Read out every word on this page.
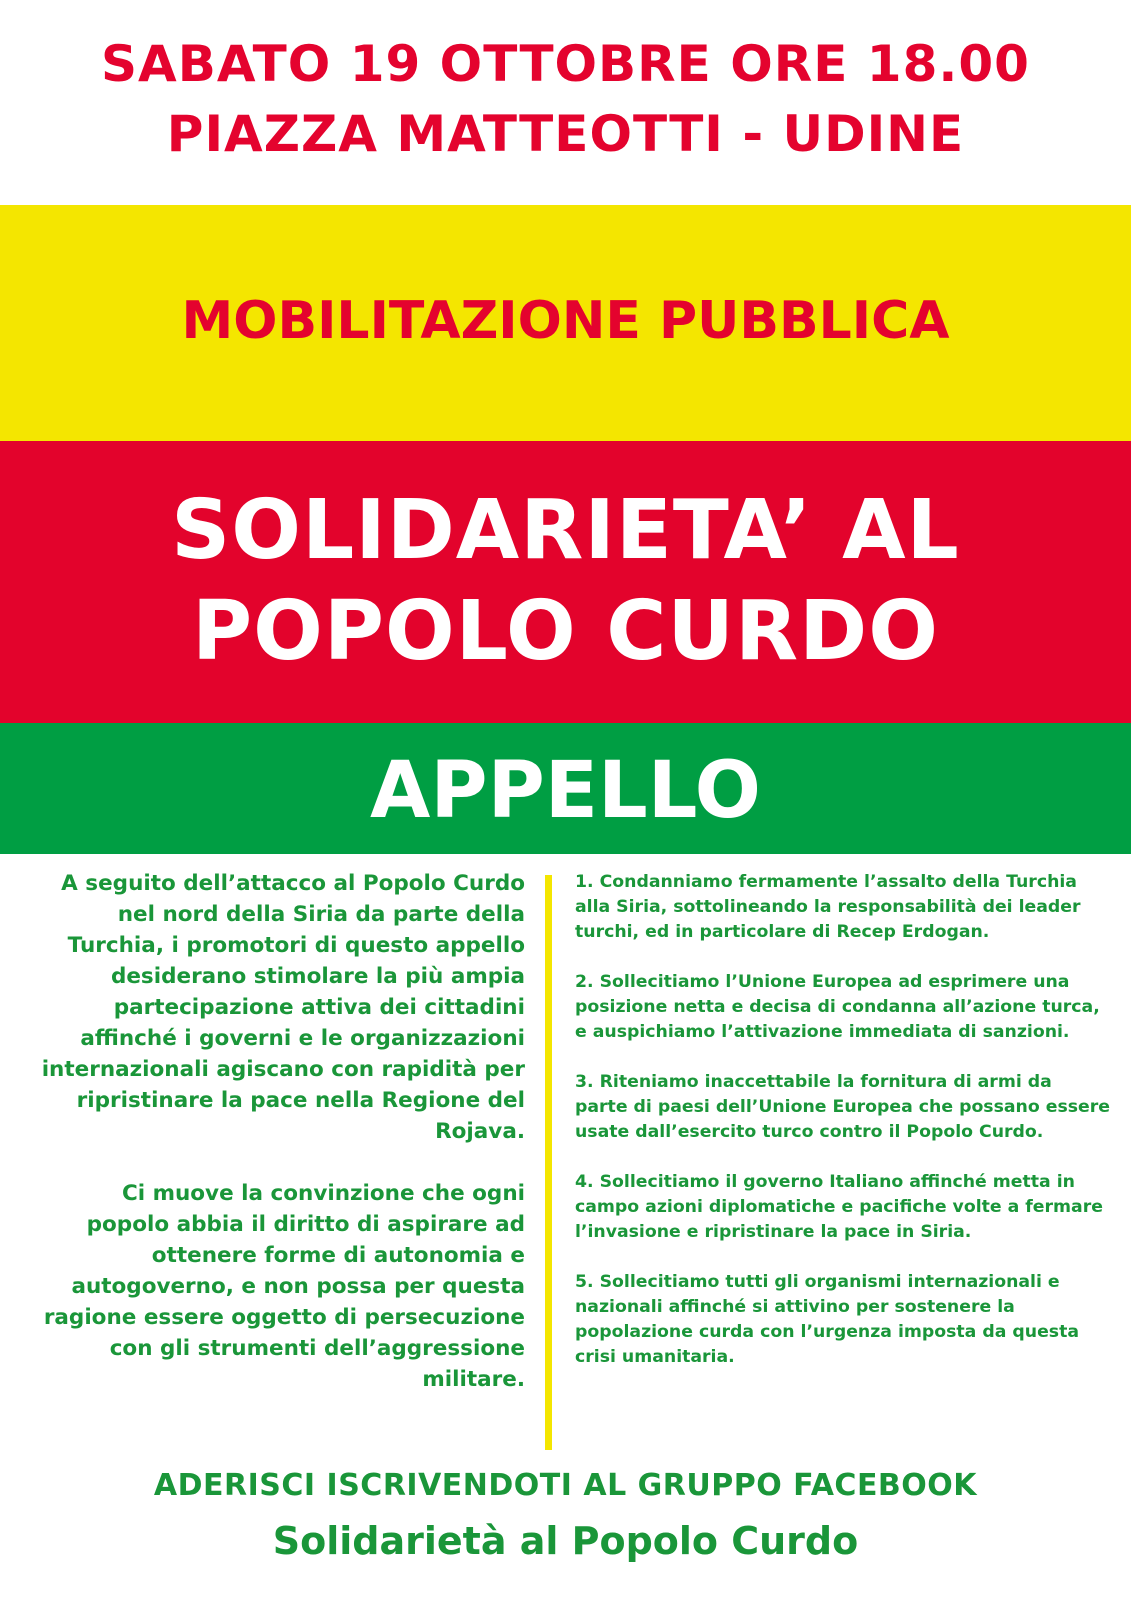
SABATO 19 OTTOBRE ORE 18.00
PIAZZA MATTEOTTI - UDINE
MOBILITAZIONE PUBBLICA
SOLIDARIETA’ AL
POPOLO CURDO
APPELLO

A seguito dell’attacco al Popolo Curdo nel nord della Siria da parte della Turchia, i promotori di questo appello desiderano stimolare la più ampia partecipazione attiva dei cittadini affinché i governi e le organizzazioni internazionali agiscano con rapidità per ripristinare la pace nella Regione del Rojava.

Ci muove la convinzione che ogni popolo abbia il diritto di aspirare ad ottenere forme di autonomia e autogoverno, e non possa per questa ragione essere oggetto di persecuzione con gli strumenti dell’aggressione militare.

1. Condanniamo fermamente l’assalto della Turchia alla Siria, sottolineando la responsabilità dei leader turchi, ed in particolare di Recep Erdogan.

2. Sollecitiamo l’Unione Europea ad esprimere una posizione netta e decisa di condanna all’azione turca, e auspichiamo l’attivazione immediata di sanzioni.

3. Riteniamo inaccettabile la fornitura di armi da parte di paesi dell’Unione Europea che possano essere usate dall’esercito turco contro il Popolo Curdo.

4. Sollecitiamo il governo Italiano affinché metta in campo azioni diplomatiche e pacifiche volte a fermare l’invasione e ripristinare la pace in Siria.

5. Sollecitiamo tutti gli organismi internazionali e nazionali affinché si attivino per sostenere la popolazione curda con l’urgenza imposta da questa crisi umanitaria.

ADERISCI ISCRIVENDOTI AL GRUPPO FACEBOOK
Solidarietà al Popolo Curdo
